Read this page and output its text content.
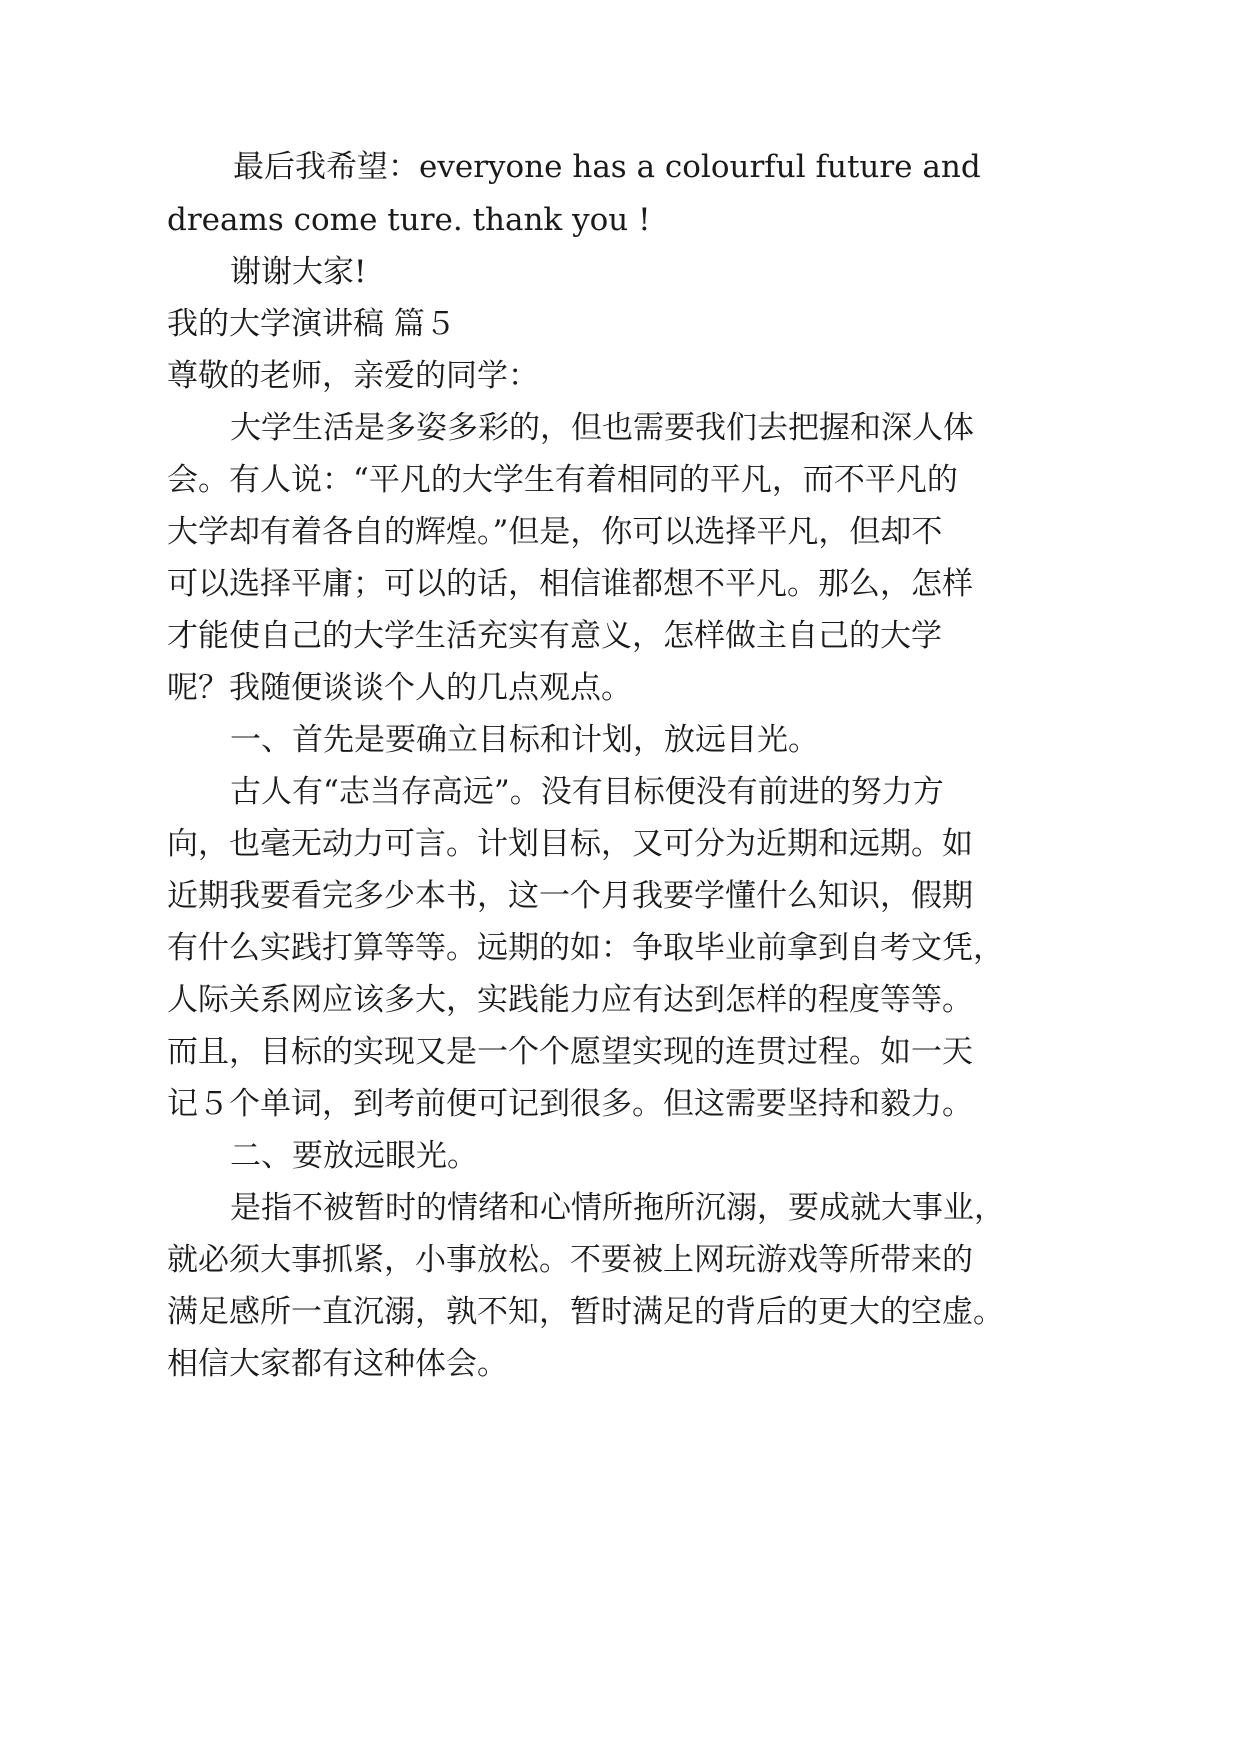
最后我希望：everyone has a colourful future and
dreams come ture. thank you !
谢谢大家!
我的大学演讲稿 篇５
尊敬的老师，亲爱的同学：
大学生活是多姿多彩的，但也需要我们去把握和深人体
会。有人说：“平凡的大学生有着相同的平凡，而不平凡的
大学却有着各自的辉煌。”但是，你可以选择平凡，但却不
可以选择平庸；可以的话，相信谁都想不平凡。那么，怎样
才能使自己的大学生活充实有意义，怎样做主自己的大学
呢？我随便谈谈个人的几点观点。
一、首先是要确立目标和计划，放远目光。
古人有“志当存高远”。没有目标便没有前进的努力方
向，也毫无动力可言。计划目标，又可分为近期和远期。如
近期我要看完多少本书，这一个月我要学懂什么知识，假期
有什么实践打算等等。远期的如：争取毕业前拿到自考文凭，
人际关系网应该多大，实践能力应有达到怎样的程度等等。
而且，目标的实现又是一个个愿望实现的连贯过程。如一天
记５个单词，到考前便可记到很多。但这需要坚持和毅力。
二、要放远眼光。
是指不被暂时的情绪和心情所拖所沉溺，要成就大事业，
就必须大事抓紧，小事放松。不要被上网玩游戏等所带来的
满足感所一直沉溺，孰不知，暂时满足的背后的更大的空虚。
相信大家都有这种体会。
